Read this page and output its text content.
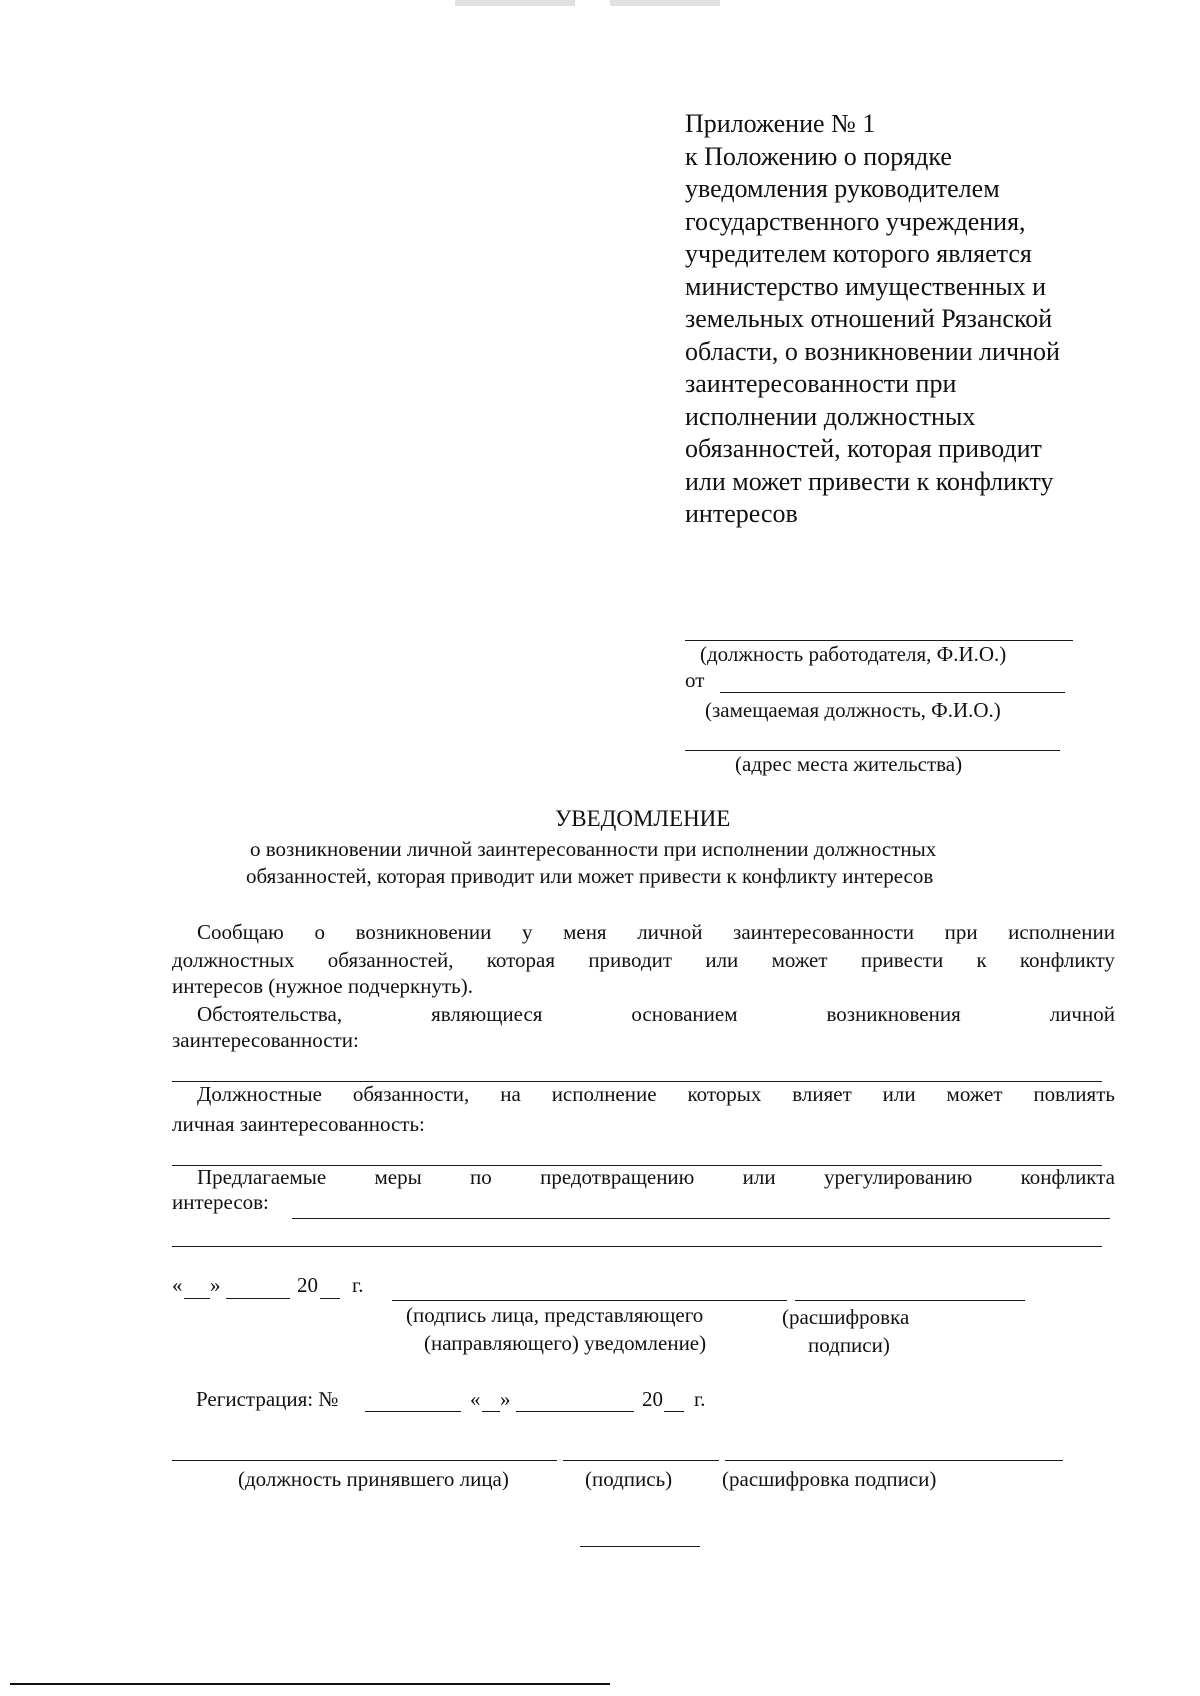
Приложение № 1
к Положению о порядке
уведомления руководителем
государственного учреждения,
учредителем которого является
министерство имущественных и
земельных отношений Рязанской
области, о возникновении личной
заинтересованности при
исполнении должностных
обязанностей, которая приводит
или может привести к конфликту
интересов
(должность работодателя, Ф.И.О.)
от
(замещаемая должность, Ф.И.О.)
(адрес места жительства)
УВЕДОМЛЕНИЕ
о возникновении личной заинтересованности при исполнении должностных
обязанностей, которая приводит или может привести к конфликту интересов
Сообщаю о возникновении у меня личной заинтересованности при исполнении
должностных обязанностей, которая приводит или может привести к конфликту
интересов (нужное подчеркнуть).
Обстоятельства,	являющиеся	основанием	возникновения	личной
заинтересованности:
Должностные обязанности, на исполнение которых влияет или может повлиять
личная заинтересованность:
Предлагаемые меры по предотвращению или урегулированию конфликта
интересов:
« »	20 г.
(подпись лица, представляющего
(направляющего) уведомление)
(расшифровка
подписи)
Регистрация: №	« »	20 г.
(должность принявшего лица)	(подпись) (расшифровка подписи)
